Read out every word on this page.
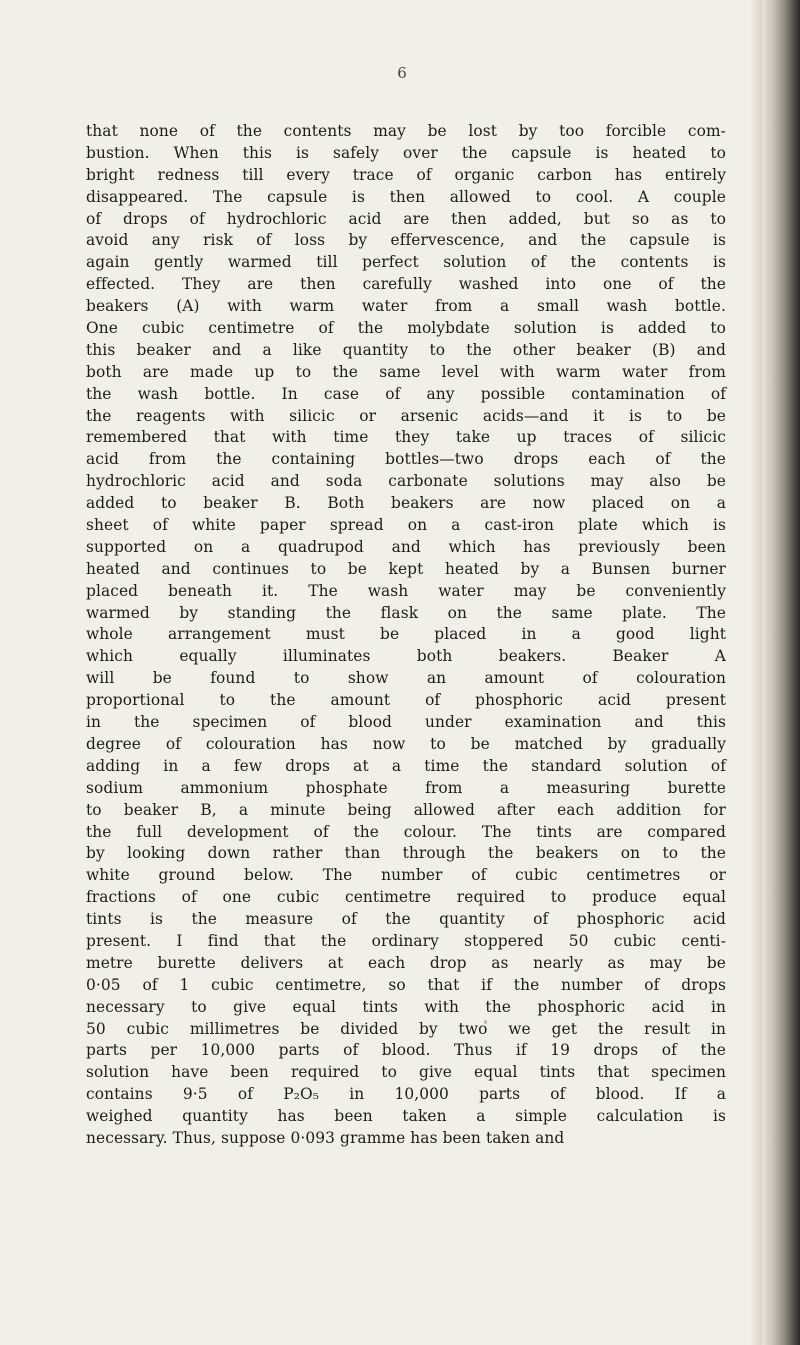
6
that none of the contents may be lost by too forcible com-
bustion. When this is safely over the capsule is heated to
bright redness till every trace of organic carbon has entirely
disappeared. The capsule is then allowed to cool. A couple
of drops of hydrochloric acid are then added, but so as to
avoid any risk of loss by effervescence, and the capsule is
again gently warmed till perfect solution of the contents is
effected. They are then carefully washed into one of the
beakers (A) with warm water from a small wash bottle.
One cubic centimetre of the molybdate solution is added to
this beaker and a like quantity to the other beaker (B) and
both are made up to the same level with warm water from
the wash bottle. In case of any possible contamination of
the reagents with silicic or arsenic acids—and it is to be
remembered that with time they take up traces of silicic
acid from the containing bottles—two drops each of the
hydrochloric acid and soda carbonate solutions may also be
added to beaker B. Both beakers are now placed on a
sheet of white paper spread on a cast-iron plate which is
supported on a quadrupod and which has previously been
heated and continues to be kept heated by a Bunsen burner
placed beneath it. The wash water may be conveniently
warmed by standing the flask on the same plate. The
whole arrangement must be placed in a good light
which equally illuminates both beakers. Beaker A
will be found to show an amount of colouration
proportional to the amount of phosphoric acid present
in the specimen of blood under examination and this
degree of colouration has now to be matched by gradually
adding in a few drops at a time the standard solution of
sodium ammonium phosphate from a measuring burette
to beaker B, a minute being allowed after each addition for
the full development of the colour. The tints are compared
by looking down rather than through the beakers on to the
white ground below. The number of cubic centimetres or
fractions of one cubic centimetre required to produce equal
tints is the measure of the quantity of phosphoric acid
present. I find that the ordinary stoppered 50 cubic centi-
metre burette delivers at each drop as nearly as may be
0·05 of 1 cubic centimetre, so that if the number of drops
necessary to give equal tints with the phosphoric acid in
50 cubic millimetres be divided by two we get the result in
parts per 10,000 parts of blood. Thus if 19 drops of the
solution have been required to give equal tints that specimen
contains 9·5 of P₂O₅ in 10,000 parts of blood. If a
weighed quantity has been taken a simple calculation is
necessary. Thus, suppose 0·093 gramme has been taken and
